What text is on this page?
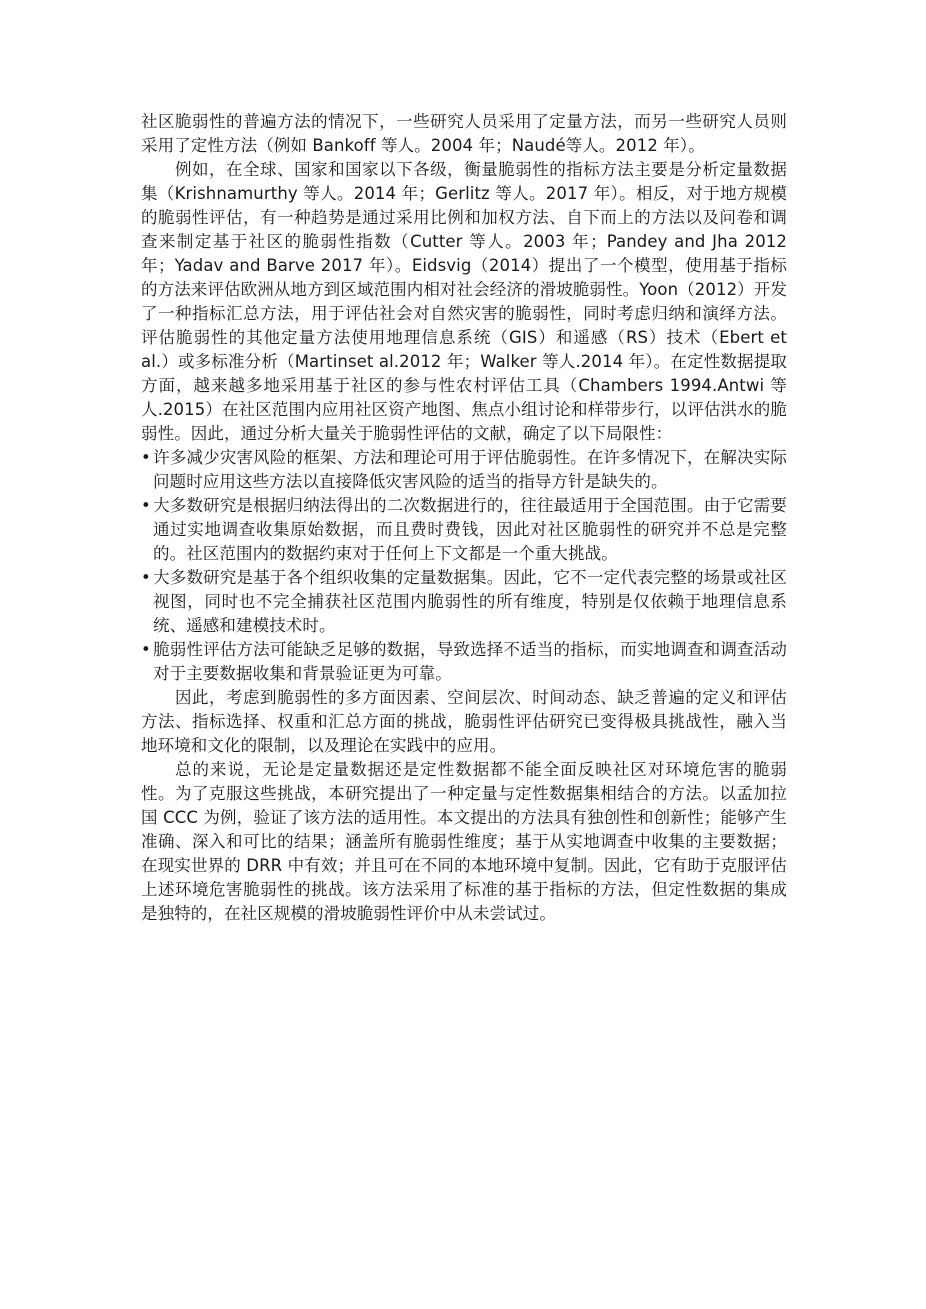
社区脆弱性的普遍方法的情况下，一些研究人员采用了定量方法，而另一些研究人员则采用了定性方法（例如 Bankoff 等人。2004 年；Naudé等人。2012 年）。

例如，在全球、国家和国家以下各级，衡量脆弱性的指标方法主要是分析定量数据集（Krishnamurthy 等人。2014 年；Gerlitz 等人。2017 年）。相反，对于地方规模的脆弱性评估，有一种趋势是通过采用比例和加权方法、自下而上的方法以及问卷和调查来制定基于社区的脆弱性指数（Cutter 等人。2003 年；Pandey and Jha 2012 年；Yadav and Barve 2017 年）。Eidsvig（2014）提出了一个模型，使用基于指标的方法来评估欧洲从地方到区域范围内相对社会经济的滑坡脆弱性。Yoon（2012）开发了一种指标汇总方法，用于评估社会对自然灾害的脆弱性，同时考虑归纳和演绎方法。评估脆弱性的其他定量方法使用地理信息系统（GIS）和遥感（RS）技术（Ebert et al.）或多标准分析（Martinset al.2012 年；Walker 等人.2014 年）。在定性数据提取方面，越来越多地采用基于社区的参与性农村评估工具（Chambers 1994.Antwi 等人.2015）在社区范围内应用社区资产地图、焦点小组讨论和样带步行，以评估洪水的脆弱性。因此，通过分析大量关于脆弱性评估的文献，确定了以下局限性：

• 许多减少灾害风险的框架、方法和理论可用于评估脆弱性。在许多情况下，在解决实际问题时应用这些方法以直接降低灾害风险的适当的指导方针是缺失的。

• 大多数研究是根据归纳法得出的二次数据进行的，往往最适用于全国范围。由于它需要通过实地调查收集原始数据，而且费时费钱，因此对社区脆弱性的研究并不总是完整的。社区范围内的数据约束对于任何上下文都是一个重大挑战。

• 大多数研究是基于各个组织收集的定量数据集。因此，它不一定代表完整的场景或社区视图，同时也不完全捕获社区范围内脆弱性的所有维度，特别是仅依赖于地理信息系统、遥感和建模技术时。

• 脆弱性评估方法可能缺乏足够的数据，导致选择不适当的指标，而实地调查和调查活动对于主要数据收集和背景验证更为可靠。

因此，考虑到脆弱性的多方面因素、空间层次、时间动态、缺乏普遍的定义和评估方法、指标选择、权重和汇总方面的挑战，脆弱性评估研究已变得极具挑战性，融入当地环境和文化的限制，以及理论在实践中的应用。

总的来说，无论是定量数据还是定性数据都不能全面反映社区对环境危害的脆弱性。为了克服这些挑战，本研究提出了一种定量与定性数据集相结合的方法。以孟加拉国 CCC 为例，验证了该方法的适用性。本文提出的方法具有独创性和创新性；能够产生准确、深入和可比的结果；涵盖所有脆弱性维度；基于从实地调查中收集的主要数据；在现实世界的 DRR 中有效；并且可在不同的本地环境中复制。因此，它有助于克服评估上述环境危害脆弱性的挑战。该方法采用了标准的基于指标的方法，但定性数据的集成是独特的，在社区规模的滑坡脆弱性评价中从未尝试过。
